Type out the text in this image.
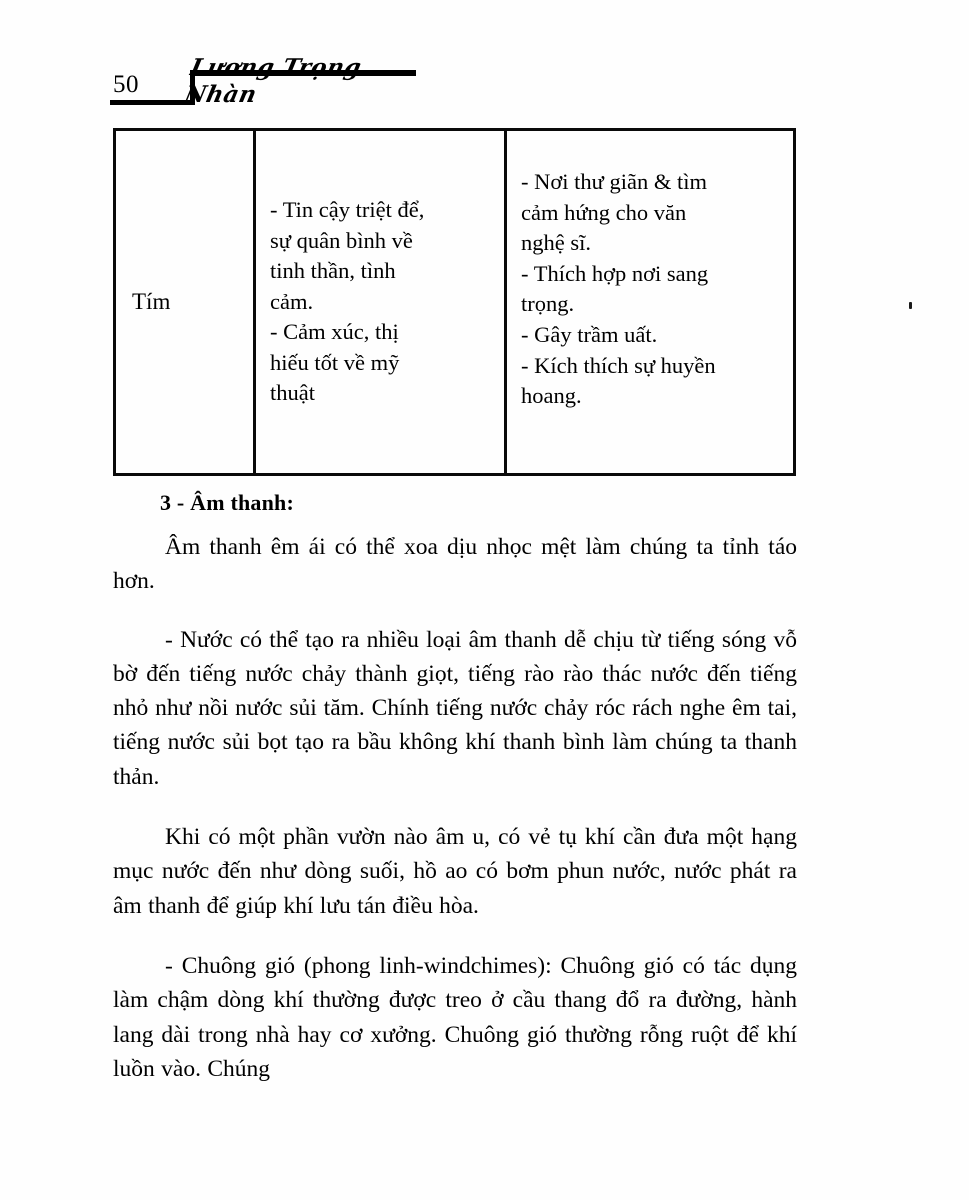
50
Lương Trọng Nhàn
Tím

- Tin cậy triệt để,

sự quân bình về

tinh thần, tình

cảm.

- Cảm xúc, thị

hiếu tốt về mỹ

thuật

- Nơi thư giãn & tìm

cảm hứng cho văn

nghệ sĩ.

- Thích hợp nơi sang

trọng.

- Gây trầm uất.

- Kích thích sự huyền

hoang.

3 - Âm thanh:

Âm thanh êm ái có thể xoa dịu nhọc mệt làm chúng ta tỉnh táo hơn.

- Nước có thể tạo ra nhiều loại âm thanh dễ chịu từ tiếng sóng vỗ bờ đến tiếng nước chảy thành giọt, tiếng rào rào thác nước đến tiếng nhỏ như nồi nước sủi tăm. Chính tiếng nước chảy róc rách nghe êm tai, tiếng nước sủi bọt tạo ra bầu không khí thanh bình làm chúng ta thanh thản.

Khi có một phần vườn nào âm u, có vẻ tụ khí cần đưa một hạng mục nước đến như dòng suối, hồ ao có bơm phun nước, nước phát ra âm thanh để giúp khí lưu tán điều hòa.

- Chuông gió (phong linh-windchimes): Chuông gió có tác dụng làm chậm dòng khí thường được treo ở cầu thang đổ ra đường, hành lang dài trong nhà hay cơ xưởng. Chuông gió thường rỗng ruột để khí luồn vào. Chúng
